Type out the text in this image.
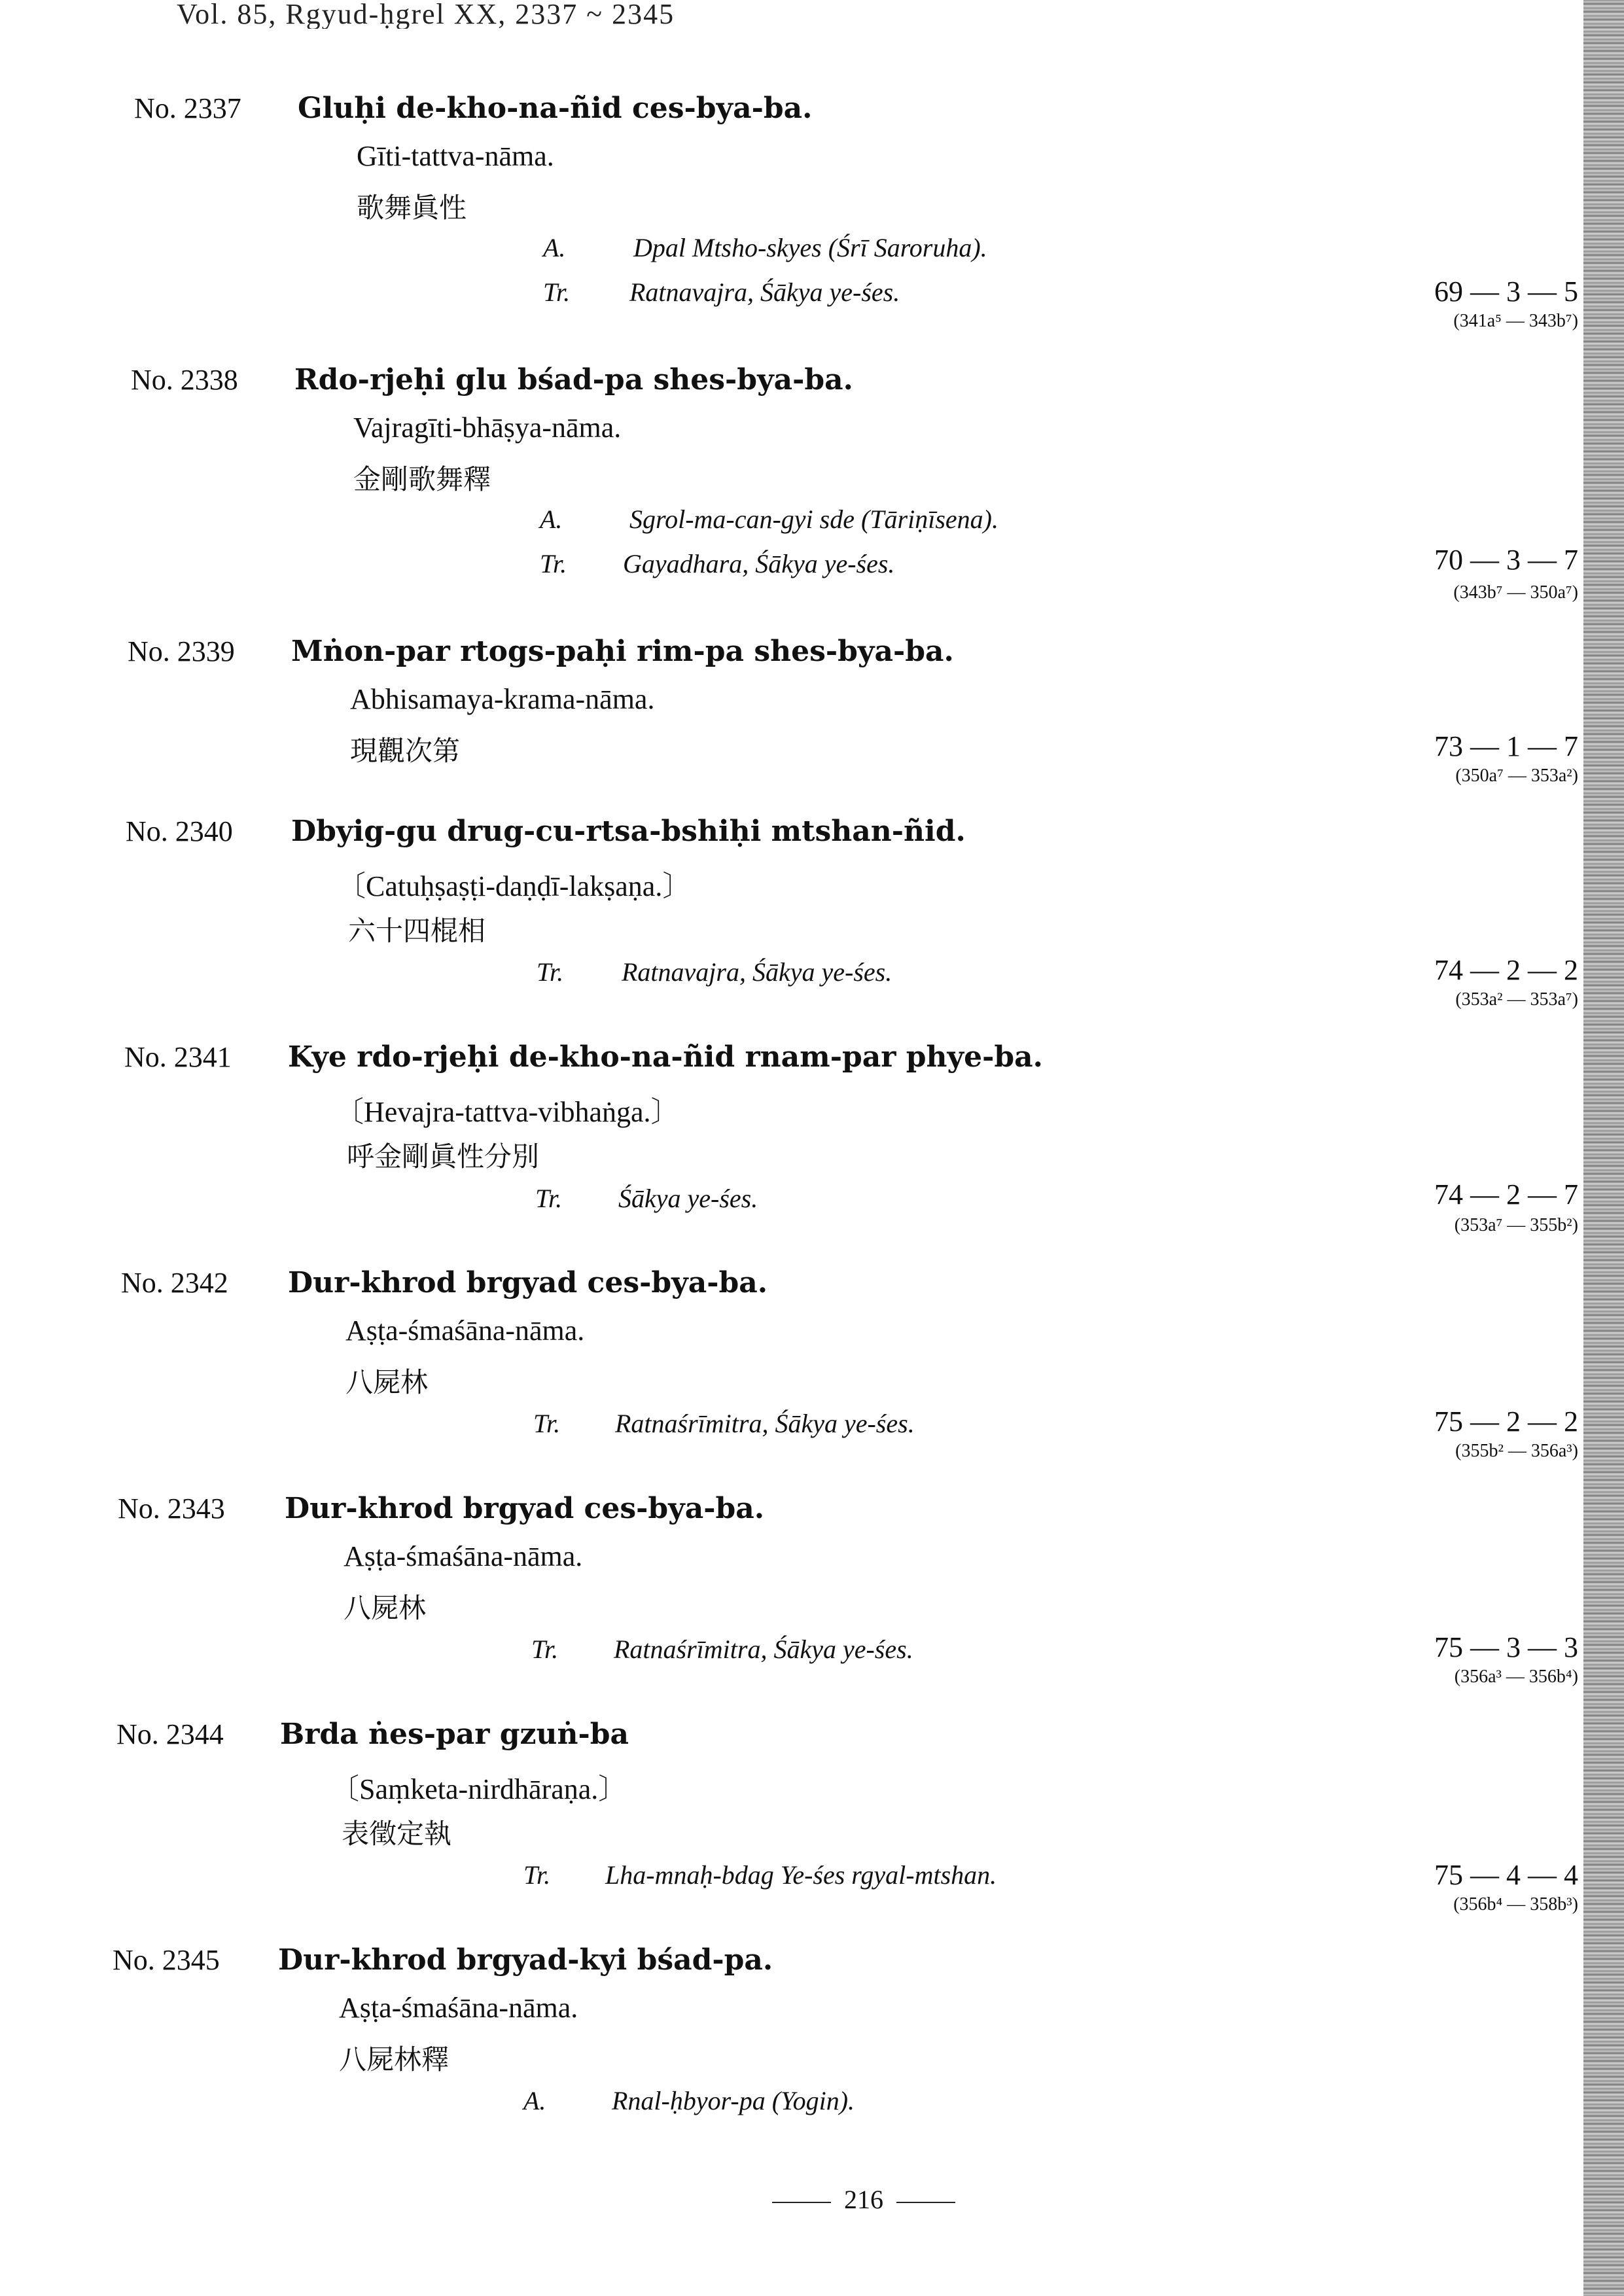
Vol. 85, Rgyud-ḥgrel XX, 2337 ~ 2345
No. 2337 Gluḥi de-kho-na-ñid ces-bya-ba.
Gīti-tattva-nāma.
歌舞眞性
A.	Dpal Mtsho-skyes (Śrī Saroruha).
Tr. Ratnavajra, Śākya ye-śes.	69 — 3 — 5
(341a⁵ — 343b⁷)
No. 2338 Rdo-rjeḥi glu bśad-pa shes-bya-ba.
Vajragīti-bhāṣya-nāma.
金剛歌舞釋
A.	Sgrol-ma-can-gyi sde (Tāriṇīsena).
Tr. Gayadhara, Śākya ye-śes.	70 — 3 — 7
(343b⁷ — 350a⁷)
No. 2339 Mṅon-par rtogs-paḥi rim-pa shes-bya-ba.
Abhisamaya-krama-nāma.
現觀次第	73 — 1 — 7
(350a⁷ — 353a²)
No. 2340 Dbyig-gu drug-cu-rtsa-bshiḥi mtshan-ñid.
〔Catuḥṣaṣṭi-daṇḍī-lakṣaṇa.〕
六十四棍相
Tr. Ratnavajra, Śākya ye-śes.	74 — 2 — 2
(353a² — 353a⁷)
No. 2341 Kye rdo-rjeḥi de-kho-na-ñid rnam-par phye-ba.
〔Hevajra-tattva-vibhaṅga.〕
呼金剛眞性分別
Tr. Śākya ye-śes.	74 — 2 — 7
(353a⁷ — 355b²)
No. 2342 Dur-khrod brgyad ces-bya-ba.
Aṣṭa-śmaśāna-nāma.
八屍林
Tr. Ratnaśrīmitra, Śākya ye-śes.	75 — 2 — 2
(355b² — 356a³)
No. 2343 Dur-khrod brgyad ces-bya-ba.
Aṣṭa-śmaśāna-nāma.
八屍林
Tr. Ratnaśrīmitra, Śākya ye-śes.	75 — 3 — 3
(356a³ — 356b⁴)
No. 2344 Brda ṅes-par gzuṅ-ba
〔Saṃketa-nirdhāraṇa.〕
表徵定執
Tr. Lha-mnaḥ-bdag Ye-śes rgyal-mtshan.	75 — 4 — 4
(356b⁴ — 358b³)
No. 2345 Dur-khrod brgyad-kyi bśad-pa.
Aṣṭa-śmaśāna-nāma.
八屍林釋
A.	Rnal-ḥbyor-pa (Yogin).
216
